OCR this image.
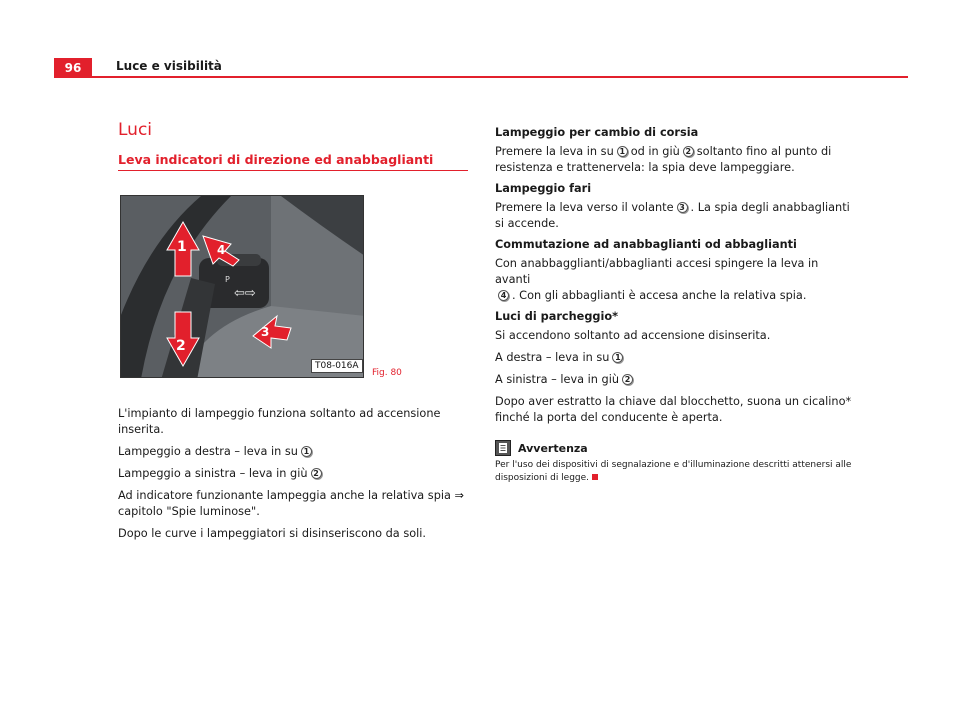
96	Luce e visibilità
Luci
Leva indicatori di direzione ed anabbaglianti
P
⇦⇨
1	4
2
3
T08-016A
Fig. 80

L'impianto di lampeggio funziona soltanto ad accensione inserita.

Lampeggio a destra – leva in su 1

Lampeggio a sinistra – leva in giù 2

Ad indicatore funzionante lampeggia anche la relativa spia ⇒
capitolo "Spie luminose".

Dopo le curve i lampeggiatori si disinseriscono da soli.

Lampeggio per cambio di corsia

Premere la leva in su 1 od in giù 2 soltanto fino al punto di resistenza e trattenervela: la spia deve lampeggiare.

Lampeggio fari

Premere la leva verso il volante 3 . La spia degli anabbaglianti si accende.

Commutazione ad anabbaglianti od abbaglianti

Con anabbagglianti/abbaglianti accesi spingere la leva in avanti
4 . Con gli abbaglianti è accesa anche la relativa spia.

Luci di parcheggio*

Si accendono soltanto ad accensione disinserita.

A destra – leva in su 1

A sinistra – leva in giù 2

Dopo aver estratto la chiave dal blocchetto, suona un cicalino* finché la porta del conducente è aperta.

Avvertenza

Per l'uso dei dispositivi di segnalazione e d'illuminazione descritti attenersi alle disposizioni di legge.
